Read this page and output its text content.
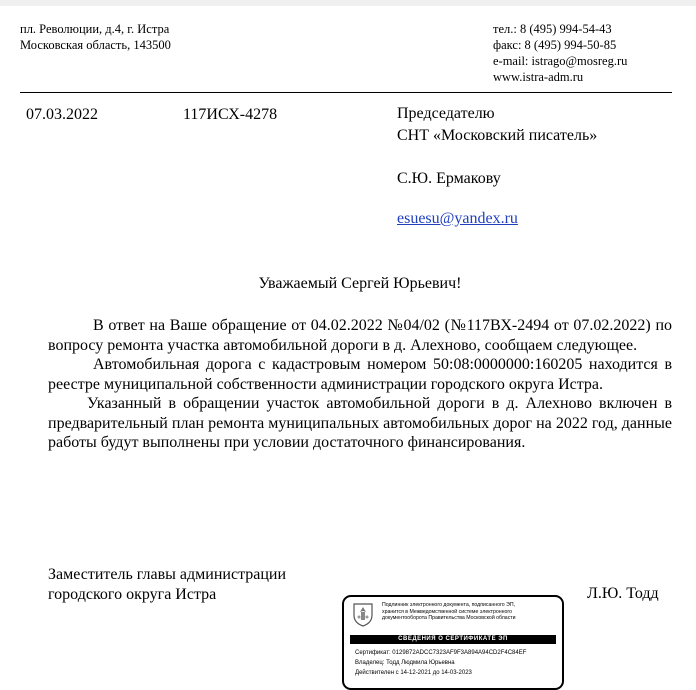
пл. Революции, д.4, г. Истра
Московская область, 143500
тел.: 8 (495) 994-54-43
факс: 8 (495) 994-50-85
e-mail: istrago@mosreg.ru
www.istra-adm.ru
07.03.2022	117ИСХ-4278	Председателю
СНТ «Московский писатель»
С.Ю. Ермакову
esuesu@yandex.ru
Уважаемый Сергей Юрьевич!

В ответ на Ваше обращение от 04.02.2022 №04/02 (№117ВХ-2494 от 07.02.2022) по вопросу ремонта участка автомобильной дороги в д. Алехново, сообщаем следующее.

Автомобильная дорога с кадастровым номером 50:08:0000000:160205 находится в реестре муниципальной собственности администрации городского округа Истра.

Указанный в обращении участок автомобильной дороги в д. Алехново включен в предварительный план ремонта муниципальных автомобильных дорог на 2022 год, данные работы будут выполнены при условии достаточного финансирования.

Заместитель главы администрации
городского округа Истра	Л.Ю. Тодд
Подлинник электронного документа, подписанного ЭП,
хранится в Межведомственной системе электронного
документооборота Правительства Московской области
СВЕДЕНИЯ О СЕРТИФИКАТЕ ЭП
Сертификат: 0129872ADCC7323AF9F3A894A94CD2F4C84EF
Владелец: Тодд Людмила Юрьевна
Действителен с 14-12-2021 до 14-03-2023
